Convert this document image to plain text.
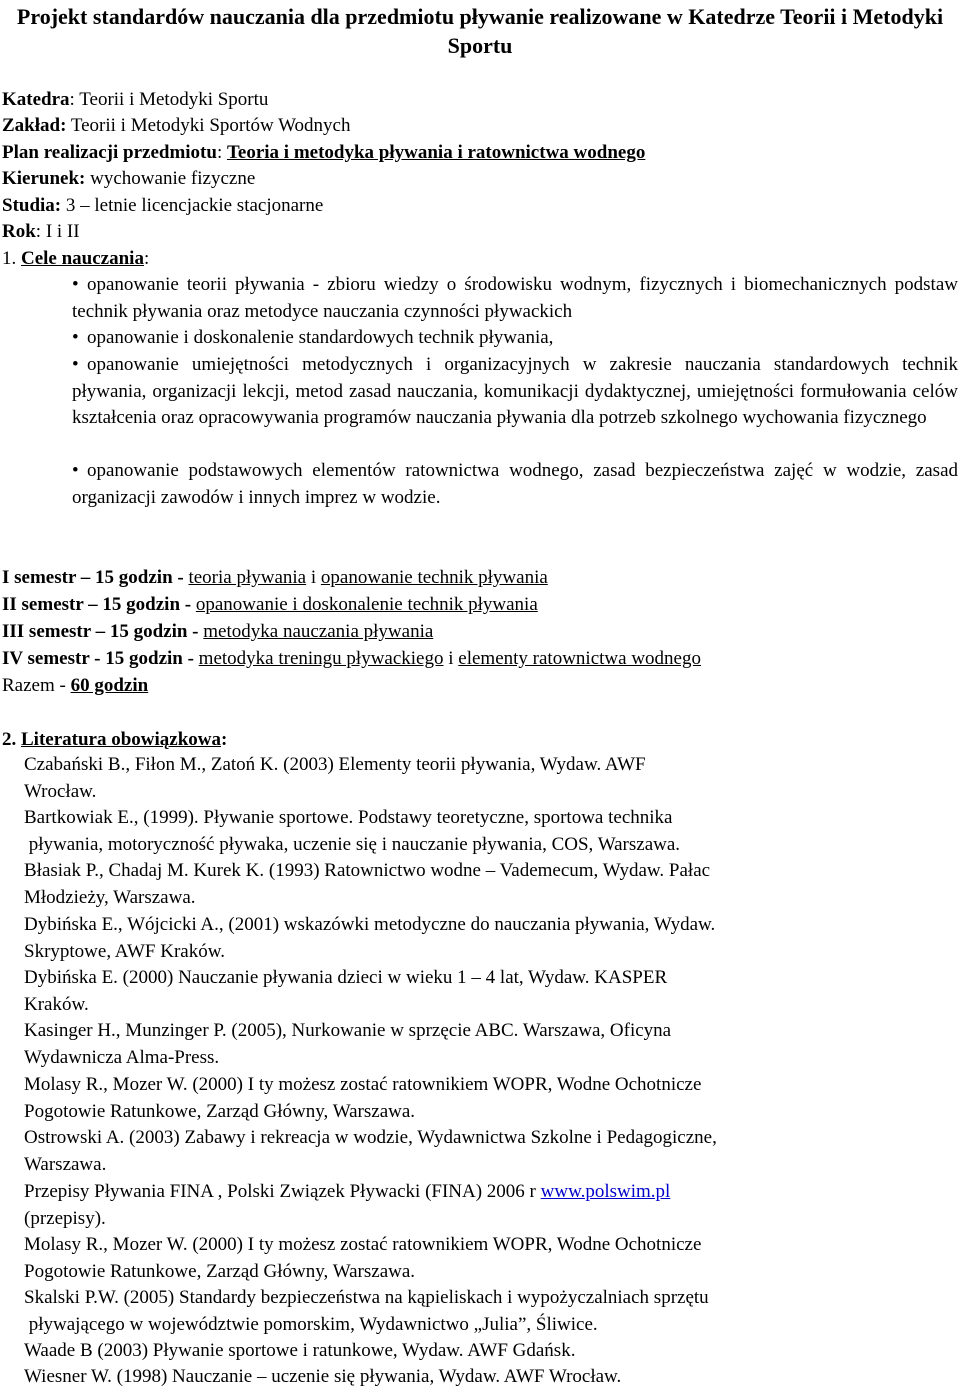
Projekt standardów nauczania dla przedmiotu pływanie realizowane w Katedrze Teorii i Metodyki Sportu
Katedra: Teorii i Metodyki Sportu
Zakład: Teorii i Metodyki Sportów Wodnych
Plan realizacji przedmiotu: Teoria i metodyka pływania i ratownictwa wodnego
Kierunek: wychowanie fizyczne
Studia: 3 – letnie licencjackie stacjonarne
Rok: I i II
1. Cele nauczania:
• opanowanie teorii pływania - zbioru wiedzy o środowisku wodnym, fizycznych i biomechanicznych podstaw technik pływania oraz metodyce nauczania czynności pływackich
• opanowanie i doskonalenie standardowych technik pływania,
• opanowanie umiejętności metodycznych i organizacyjnych w zakresie nauczania standardowych technik pływania, organizacji lekcji, metod zasad nauczania, komunikacji dydaktycznej, umiejętności formułowania celów kształcenia oraz opracowywania programów nauczania pływania dla potrzeb szkolnego wychowania fizycznego
• opanowanie podstawowych elementów ratownictwa wodnego, zasad bezpieczeństwa zajęć w wodzie, zasad organizacji zawodów i innych imprez w wodzie.
I semestr – 15 godzin - teoria pływania i opanowanie technik pływania
II semestr – 15 godzin - opanowanie i doskonalenie technik pływania
III semestr – 15 godzin - metodyka nauczania pływania
IV semestr - 15 godzin - metodyka treningu pływackiego i elementy ratownictwa wodnego
Razem - 60 godzin
2. Literatura obowiązkowa:
Czabański B., Fiłon M., Zatoń K. (2003) Elementy teorii pływania, Wydaw. AWF
Wrocław.
Bartkowiak E., (1999). Pływanie sportowe. Podstawy teoretyczne, sportowa technika
pływania, motoryczność pływaka, uczenie się i nauczanie pływania, COS, Warszawa.
Błasiak P., Chadaj M. Kurek K. (1993) Ratownictwo wodne – Vademecum, Wydaw. Pałac
Młodzieży, Warszawa.
Dybińska E., Wójcicki A., (2001) wskazówki metodyczne do nauczania pływania, Wydaw.
Skryptowe, AWF Kraków.
Dybińska E. (2000) Nauczanie pływania dzieci w wieku 1 – 4 lat, Wydaw. KASPER
Kraków.
Kasinger H., Munzinger P. (2005), Nurkowanie w sprzęcie ABC. Warszawa, Oficyna
Wydawnicza Alma-Press.
Molasy R., Mozer W. (2000) I ty możesz zostać ratownikiem WOPR, Wodne Ochotnicze
Pogotowie Ratunkowe, Zarząd Główny, Warszawa.
Ostrowski A. (2003) Zabawy i rekreacja w wodzie, Wydawnictwa Szkolne i Pedagogiczne,
Warszawa.
Przepisy Pływania FINA , Polski Związek Pływacki (FINA) 2006 r www.polswim.pl
(przepisy).
Molasy R., Mozer W. (2000) I ty możesz zostać ratownikiem WOPR, Wodne Ochotnicze
Pogotowie Ratunkowe, Zarząd Główny, Warszawa.
Skalski P.W. (2005) Standardy bezpieczeństwa na kąpieliskach i wypożyczalniach sprzętu
pływającego w województwie pomorskim, Wydawnictwo „Julia”, Śliwice.
Waade B (2003) Pływanie sportowe i ratunkowe, Wydaw. AWF Gdańsk.
Wiesner W. (1998) Nauczanie – uczenie się pływania, Wydaw. AWF Wrocław.
